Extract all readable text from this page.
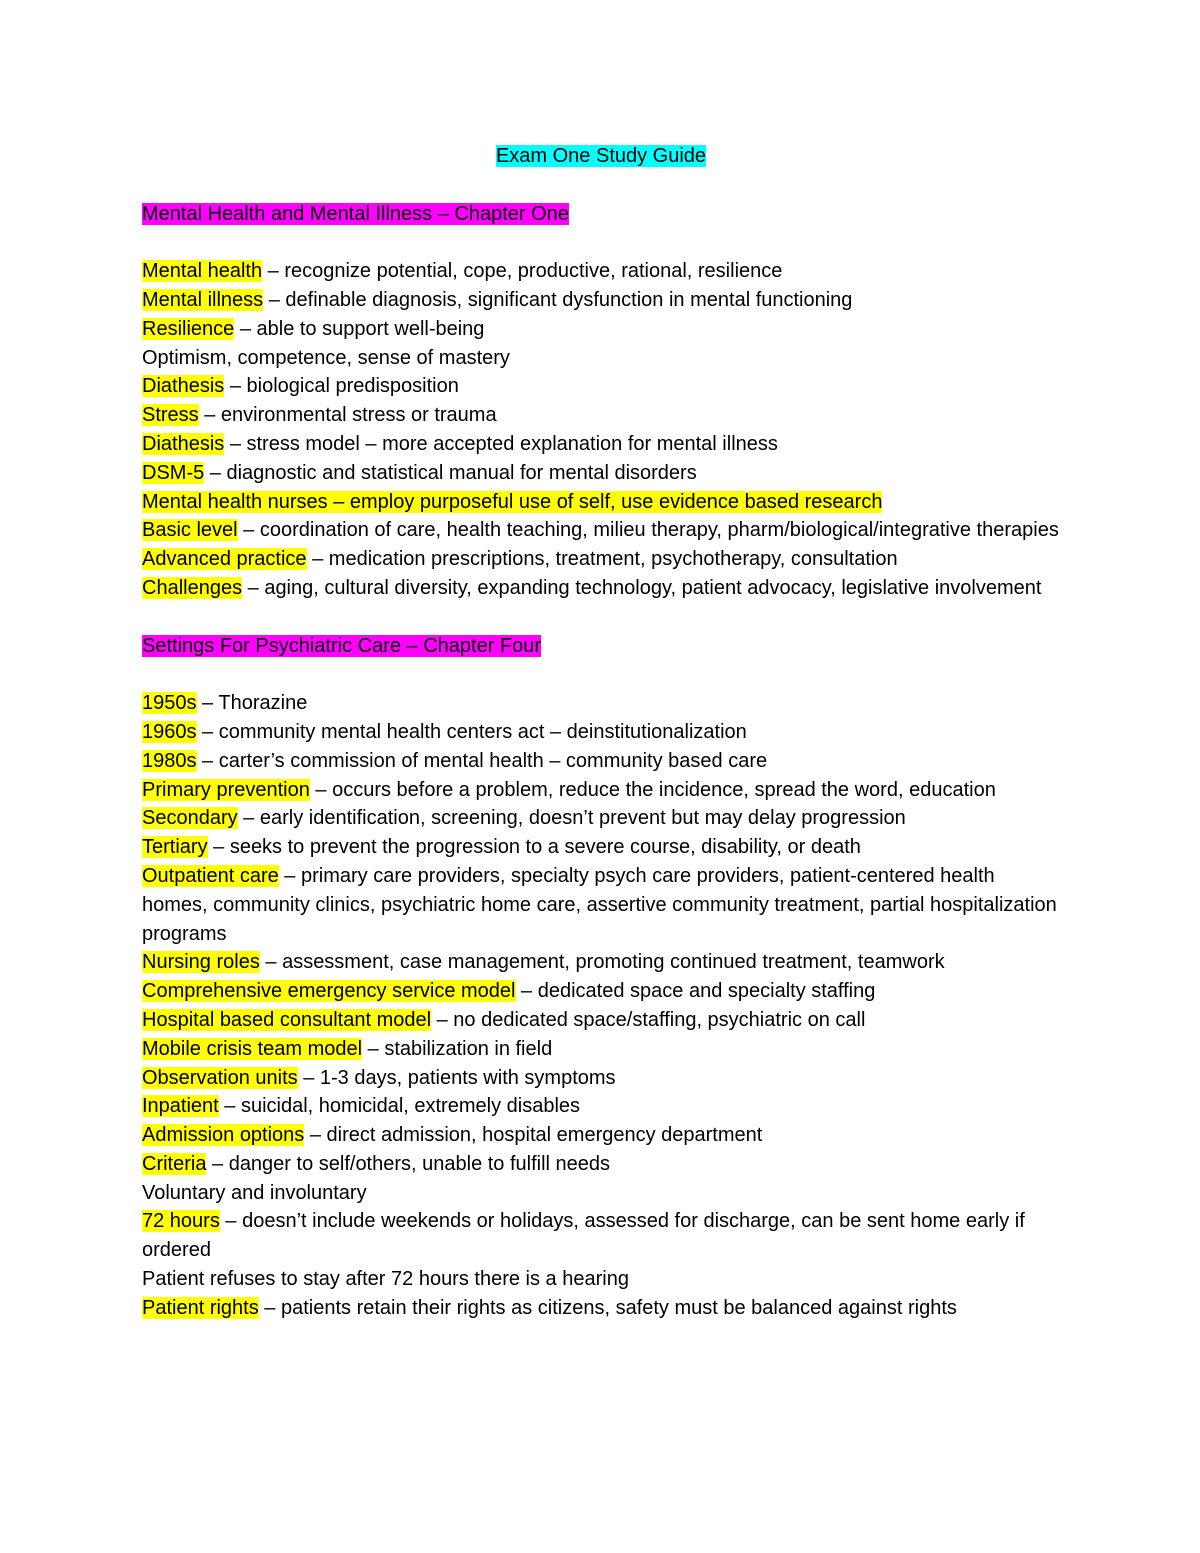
Exam One Study Guide

Mental Health and Mental Illness – Chapter One

Mental health – recognize potential, cope, productive, rational, resilience

Mental illness – definable diagnosis, significant dysfunction in mental functioning

Resilience – able to support well-being

Optimism, competence, sense of mastery

Diathesis – biological predisposition

Stress – environmental stress or trauma

Diathesis – stress model – more accepted explanation for mental illness

DSM-5 – diagnostic and statistical manual for mental disorders

Mental health nurses – employ purposeful use of self, use evidence based research

Basic level – coordination of care, health teaching, milieu therapy, pharm/biological/integrative therapies

Advanced practice – medication prescriptions, treatment, psychotherapy, consultation

Challenges – aging, cultural diversity, expanding technology, patient advocacy, legislative involvement

Settings For Psychiatric Care – Chapter Four

1950s – Thorazine

1960s – community mental health centers act – deinstitutionalization

1980s – carter’s commission of mental health – community based care

Primary prevention – occurs before a problem, reduce the incidence, spread the word, education

Secondary – early identification, screening, doesn’t prevent but may delay progression

Tertiary – seeks to prevent the progression to a severe course, disability, or death

Outpatient care – primary care providers, specialty psych care providers, patient-centered health homes, community clinics, psychiatric home care, assertive community treatment, partial hospitalization programs

Nursing roles – assessment, case management, promoting continued treatment, teamwork

Comprehensive emergency service model – dedicated space and specialty staffing

Hospital based consultant model – no dedicated space/staffing, psychiatric on call

Mobile crisis team model – stabilization in field

Observation units – 1-3 days, patients with symptoms

Inpatient – suicidal, homicidal, extremely disables

Admission options – direct admission, hospital emergency department

Criteria – danger to self/others, unable to fulfill needs

Voluntary and involuntary

72 hours – doesn’t include weekends or holidays, assessed for discharge, can be sent home early if ordered

Patient refuses to stay after 72 hours there is a hearing

Patient rights – patients retain their rights as citizens, safety must be balanced against rights
